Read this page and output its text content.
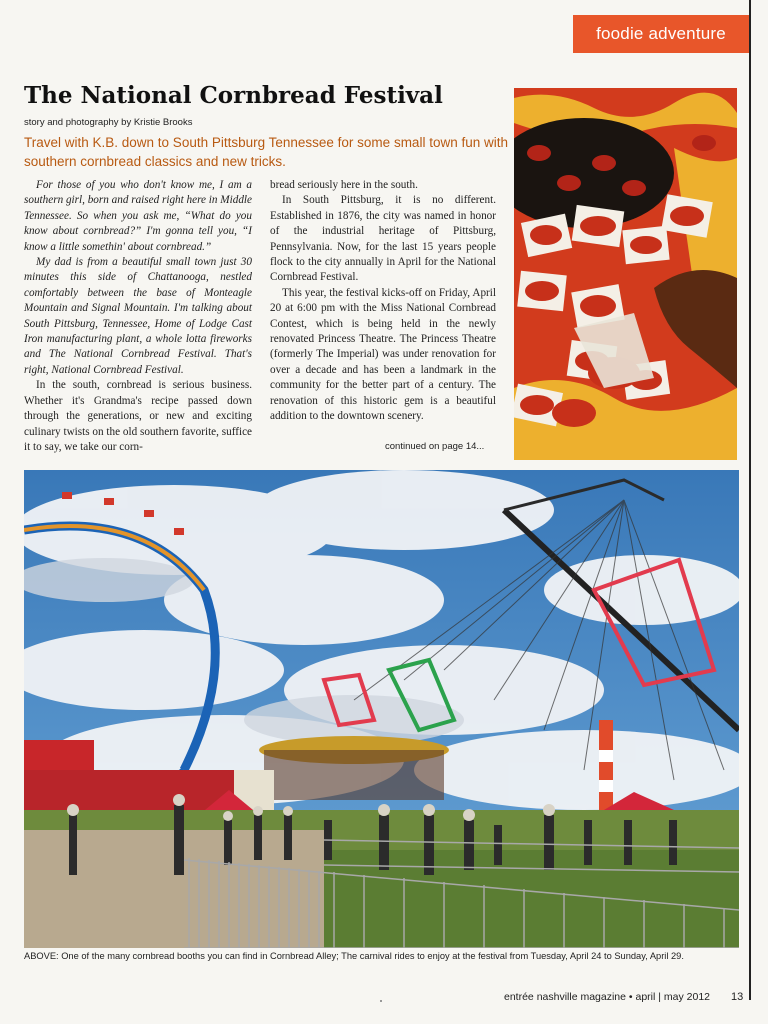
foodie adventure
The National Cornbread Festival
story and photography by Kristie Brooks
Travel with K.B. down to South Pittsburg Tennessee for some small town fun with southern cornbread classics and new tricks.

For those of you who don't know me, I am a southern girl, born and raised right here in Middle Tennessee. So when you ask me, “What do you know about cornbread?” I'm gonna tell you, “I know a little somethin' about cornbread.”

My dad is from a beautiful small town just 30 minutes this side of Chattanooga, nestled comfortably between the base of Monteagle Mountain and Signal Mountain. I'm talking about South Pittsburg, Tennessee, Home of Lodge Cast Iron manufacturing plant, a whole lotta fireworks and The National Cornbread Festival. That's right, National Cornbread Festival.

In the south, cornbread is serious business. Whether it's Grandma's recipe passed down through the generations, or new and exciting culinary twists on the old southern favorite, suffice it to say, we take our corn-

bread seriously here in the south.

In South Pittsburg, it is no different. Established in 1876, the city was named in honor of the industrial heritage of Pittsburg, Pennsylvania. Now, for the last 15 years people flock to the city annually in April for the National Cornbread Festival.

This year, the festival kicks-off on Friday, April 20 at 6:00 pm with the Miss National Cornbread Contest, which is being held in the newly renovated Princess Theatre. The Princess Theatre (formerly The Imperial) was under renovation for over a decade and has been a landmark in the community for the better part of a century. The renovation of this historic gem is a beautiful addition to the downtown scenery.

continued on page 14...
ABOVE: One of the many cornbread booths you can find in Cornbread Alley; The carnival rides to enjoy at the festival from Tuesday, April 24 to Sunday, April 29.
entrée nashville magazine • april | may 2012 13
